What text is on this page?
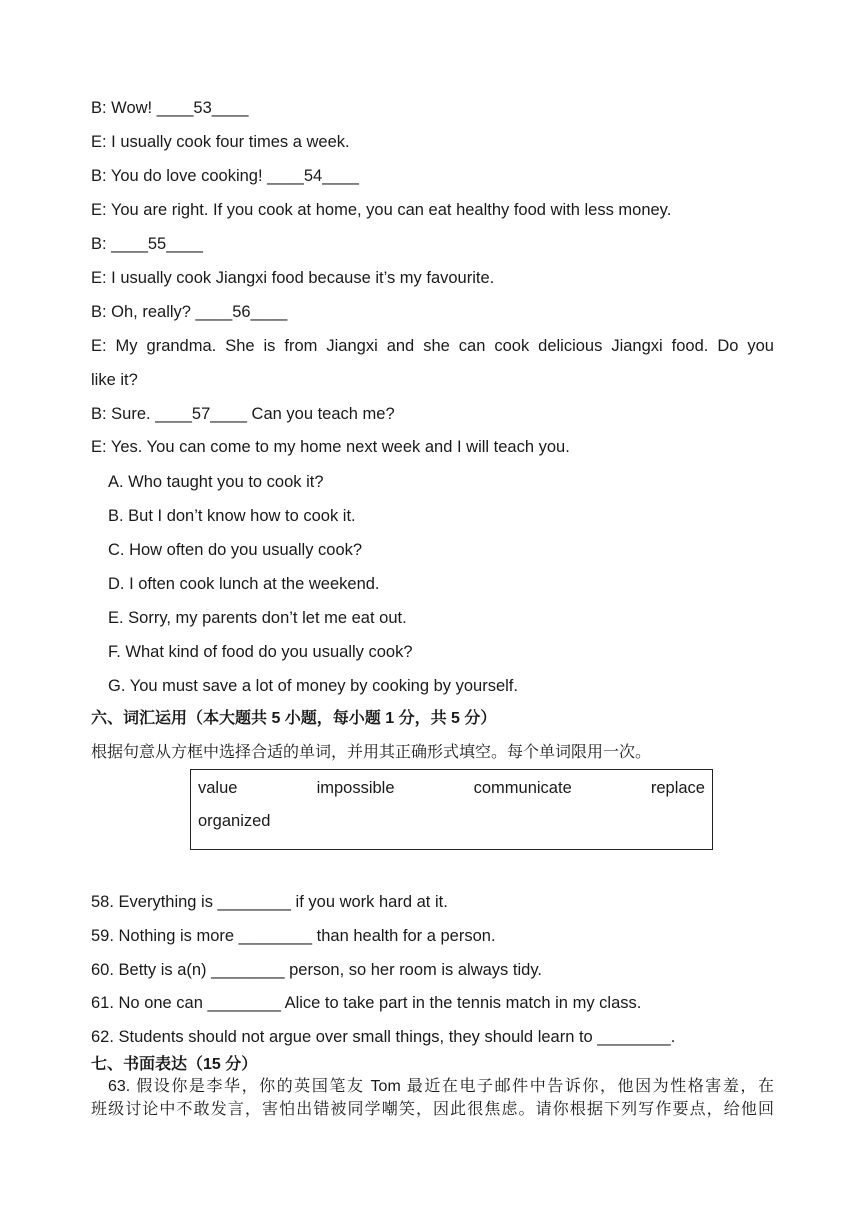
B: Wow! ____53____
E: I usually cook four times a week.
B: You do love cooking! ____54____
E: You are right. If you cook at home, you can eat healthy food with less money.
B: ____55____
E: I usually cook Jiangxi food because it’s my favourite.
B: Oh, really? ____56____
E: My grandma. She is from Jiangxi and she can cook delicious Jiangxi food. Do you
like it?
B: Sure. ____57____ Can you teach me?
E: Yes. You can come to my home next week and I will teach you.
A. Who taught you to cook it?
B. But I don’t know how to cook it.
C. How often do you usually cook?
D. I often cook lunch at the weekend.
E. Sorry, my parents don’t let me eat out.
F. What kind of food do you usually cook?
G. You must save a lot of money by cooking by yourself.
六、词汇运用（本大题共 5 小题，每小题 1 分，共 5 分）
根据句意从方框中选择合适的单词，并用其正确形式填空。每个单词限用一次。
value	impossible	communicate	replace
organized
58. Everything is ________ if you work hard at it.
59. Nothing is more ________ than health for a person.
60. Betty is a(n) ________ person, so her room is always tidy.
61. No one can ________ Alice to take part in the tennis match in my class.
62. Students should not argue over small things, they should learn to ________.
七、书面表达（15 分）
63. 假设你是李华，你的英国笔友 Tom 最近在电子邮件中告诉你，他因为性格害羞，在
班级讨论中不敢发言，害怕出错被同学嘲笑，因此很焦虑。请你根据下列写作要点，给他回
